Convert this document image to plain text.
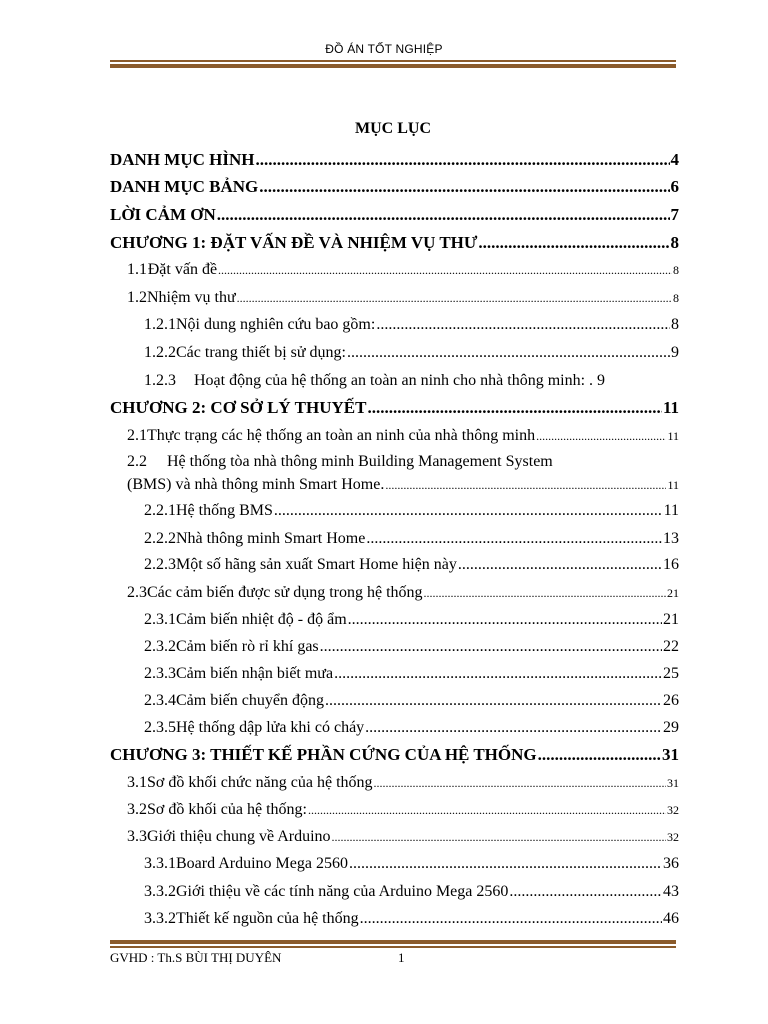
ĐỒ ÁN TỐT NGHIỆP
MỤC LỤC
DANH MỤC HÌNH .....	4
DANH MỤC BẢNG .....	6
LỜI CẢM ƠN .....	7
CHƯƠNG 1: ĐẶT VẤN ĐỀ VÀ NHIỆM VỤ THƯ .....	8
1.1 Đặt vấn đề .....	8
1.2 Nhiệm vụ thư .....	8
1.2.1 Nội dung nghiên cứu bao gồm: .....	8
1.2.2 Các trang thiết bị sử dụng: .....	9
1.2.3	Hoạt động của hệ thống an toàn an ninh cho nhà thông minh: . 9
CHƯƠNG 2: CƠ SỞ LÝ THUYẾT .....	11
2.1 Thực trạng các hệ thống an toàn an ninh của nhà thông minh .....	11
2.2	Hệ thống tòa nhà thông minh Building Management System
(BMS) và nhà thông minh Smart Home. .....	11
2.2.1 Hệ thống BMS .....	11
2.2.2 Nhà thông minh Smart Home .....	13
2.2.3 Một số hãng sản xuất Smart Home hiện này .....	16
2.3 Các cảm biến được sử dụng trong hệ thống .....	21
2.3.1 Cảm biến nhiệt độ - độ ẩm .....	21
2.3.2 Cảm biến rò rỉ khí gas .....	22
2.3.3 Cảm biến nhận biết mưa .....	25
2.3.4 Cảm biến chuyển động .....	26
2.3.5 Hệ thống dập lửa khi có cháy .....	29
CHƯƠNG 3: THIẾT KẾ PHẦN CỨNG CỦA HỆ THỐNG .....	31
3.1 Sơ đồ khối chức năng của hệ thống .....	31
3.2 Sơ đồ khối của hệ thống: .....	32
3.3 Giới thiệu chung về Arduino .....	32
3.3.1 Board Arduino Mega 2560 .....	36
3.3.2 Giới thiệu về các tính năng của Arduino Mega 2560 .....	43
3.3.2 Thiết kế nguồn của hệ thống .....	46
GVHD : Th.S BÙI THỊ DUYÊN	1
